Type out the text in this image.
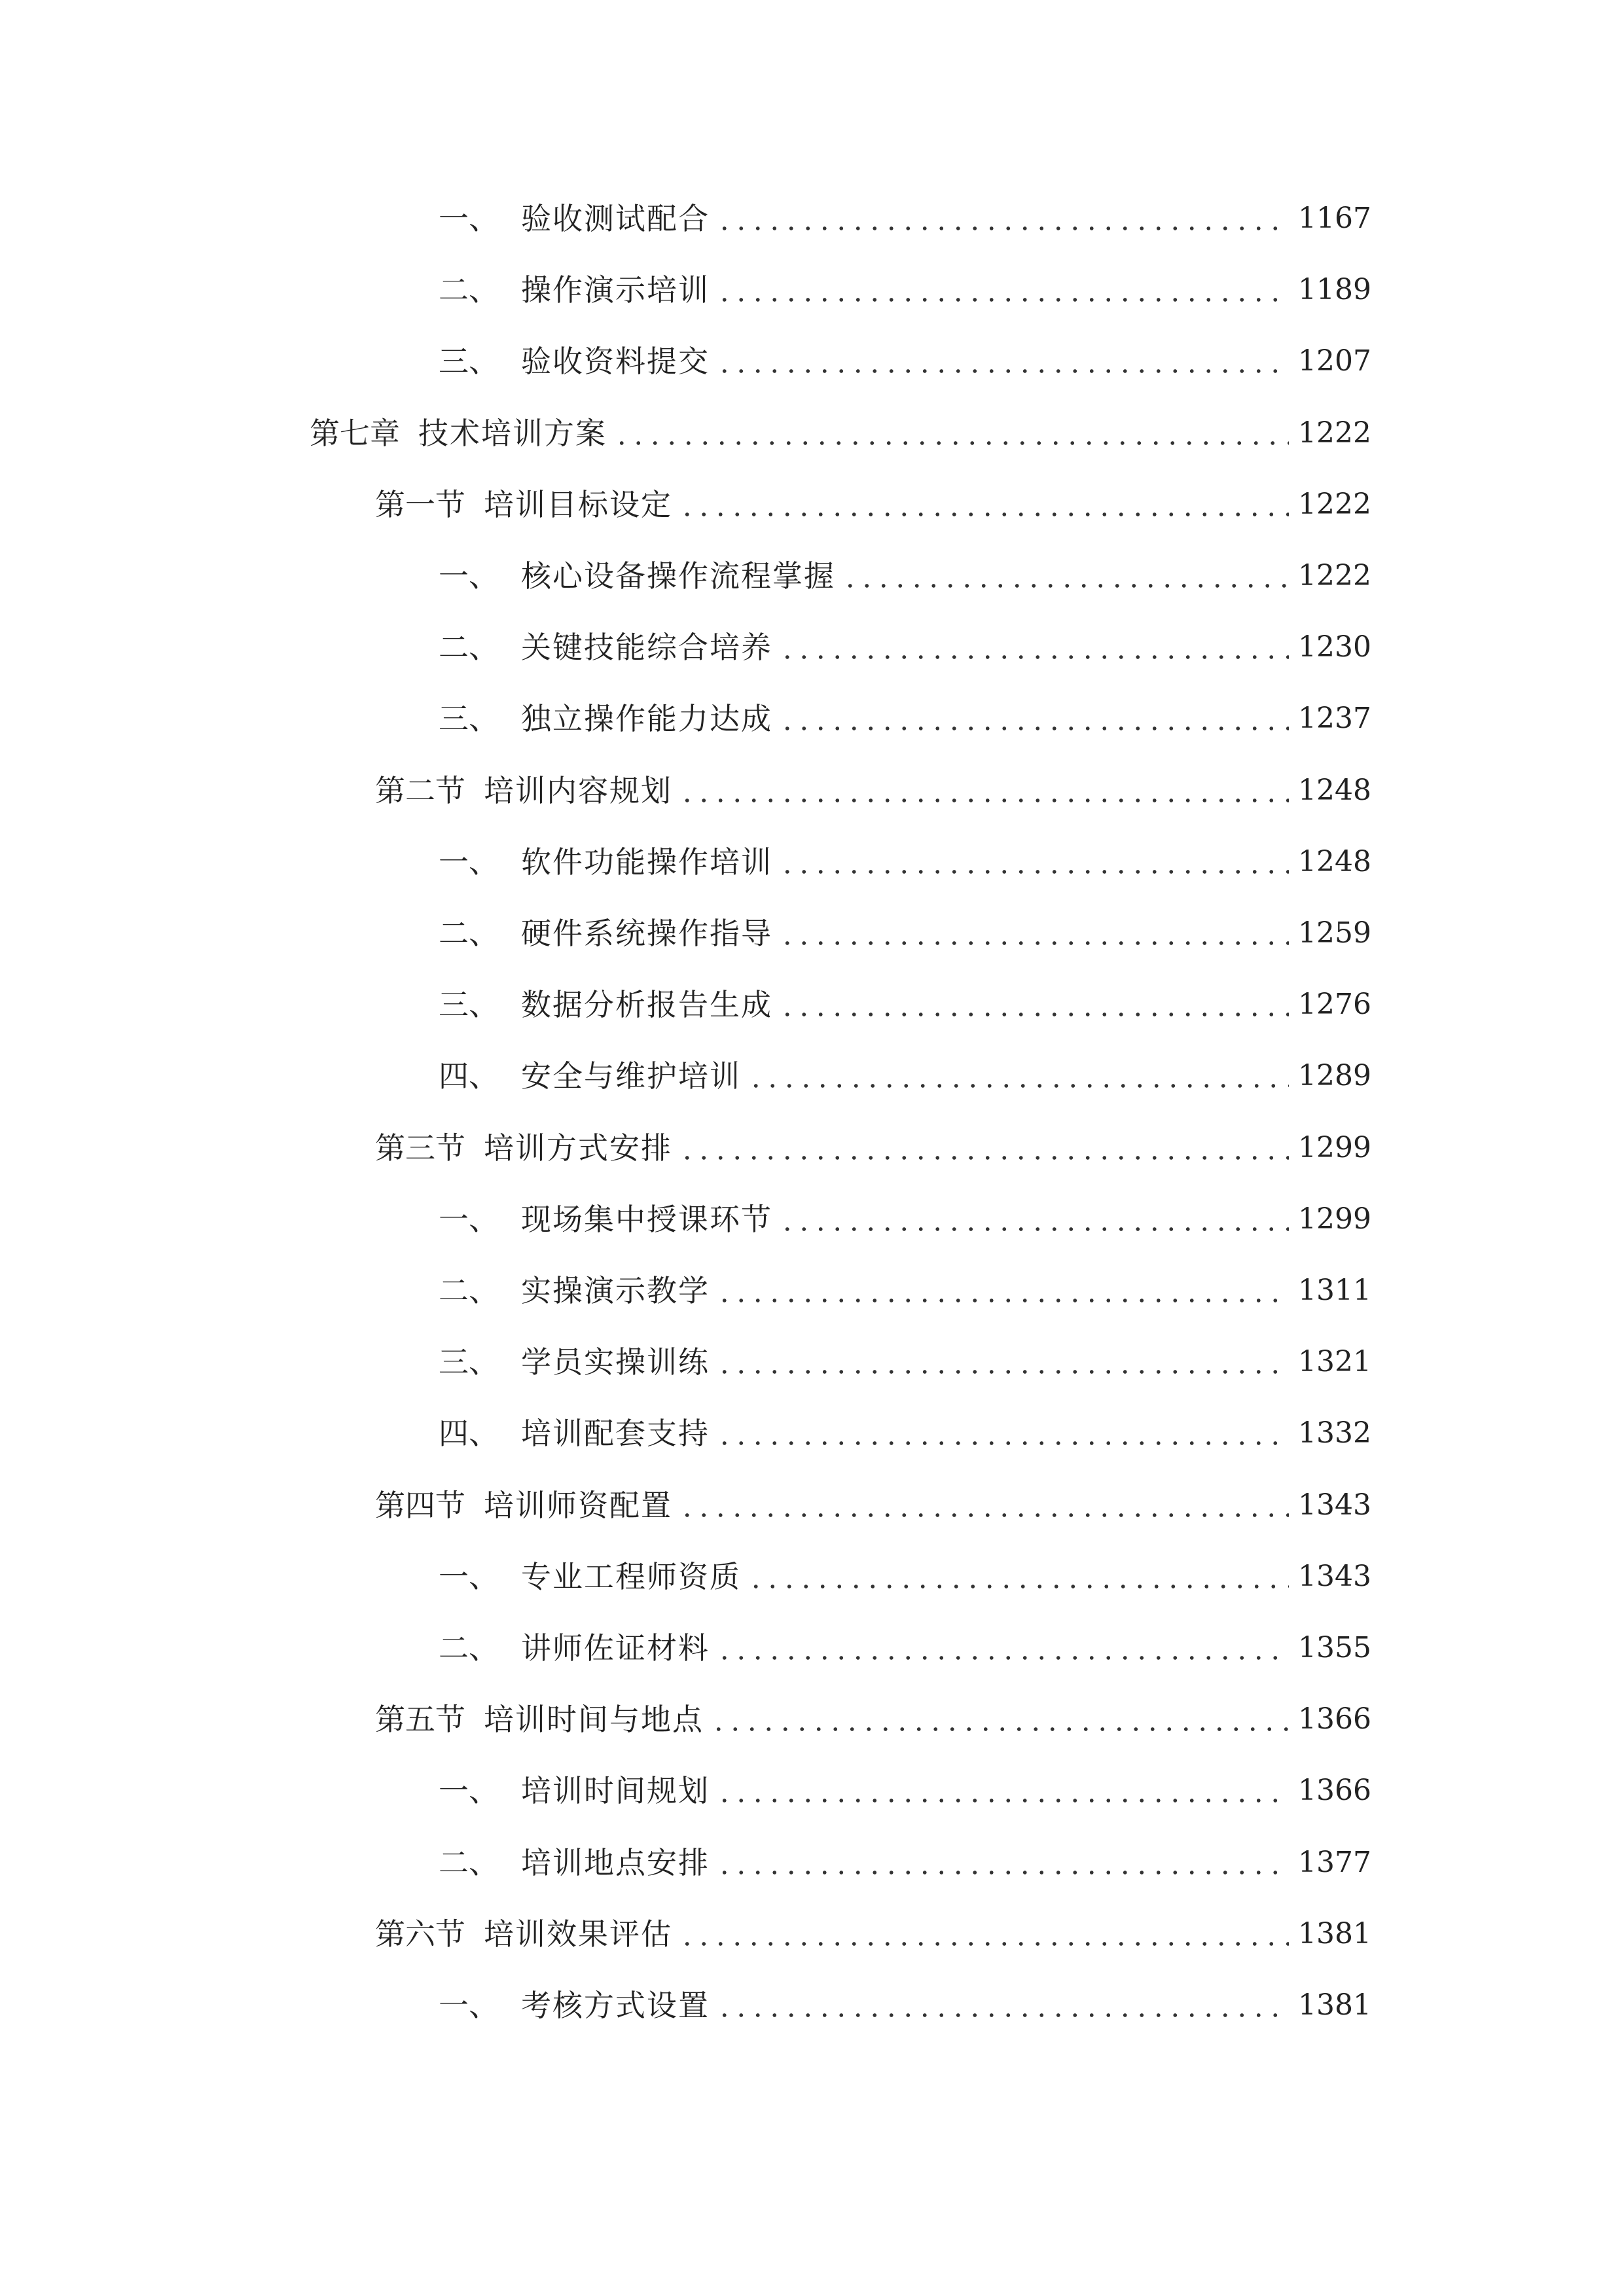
一、 验收测试配合	1167
二、 操作演示培训	1189
三、 验收资料提交	1207
第七章 技术培训方案	1222
第一节 培训目标设定	1222
一、 核心设备操作流程掌握	1222
二、 关键技能综合培养	1230
三、 独立操作能力达成	1237
第二节 培训内容规划	1248
一、 软件功能操作培训	1248
二、 硬件系统操作指导	1259
三、 数据分析报告生成	1276
四、 安全与维护培训	1289
第三节 培训方式安排	1299
一、 现场集中授课环节	1299
二、 实操演示教学	1311
三、 学员实操训练	1321
四、 培训配套支持	1332
第四节 培训师资配置	1343
一、 专业工程师资质	1343
二、 讲师佐证材料	1355
第五节 培训时间与地点	1366
一、 培训时间规划	1366
二、 培训地点安排	1377
第六节 培训效果评估	1381
一、 考核方式设置	1381
